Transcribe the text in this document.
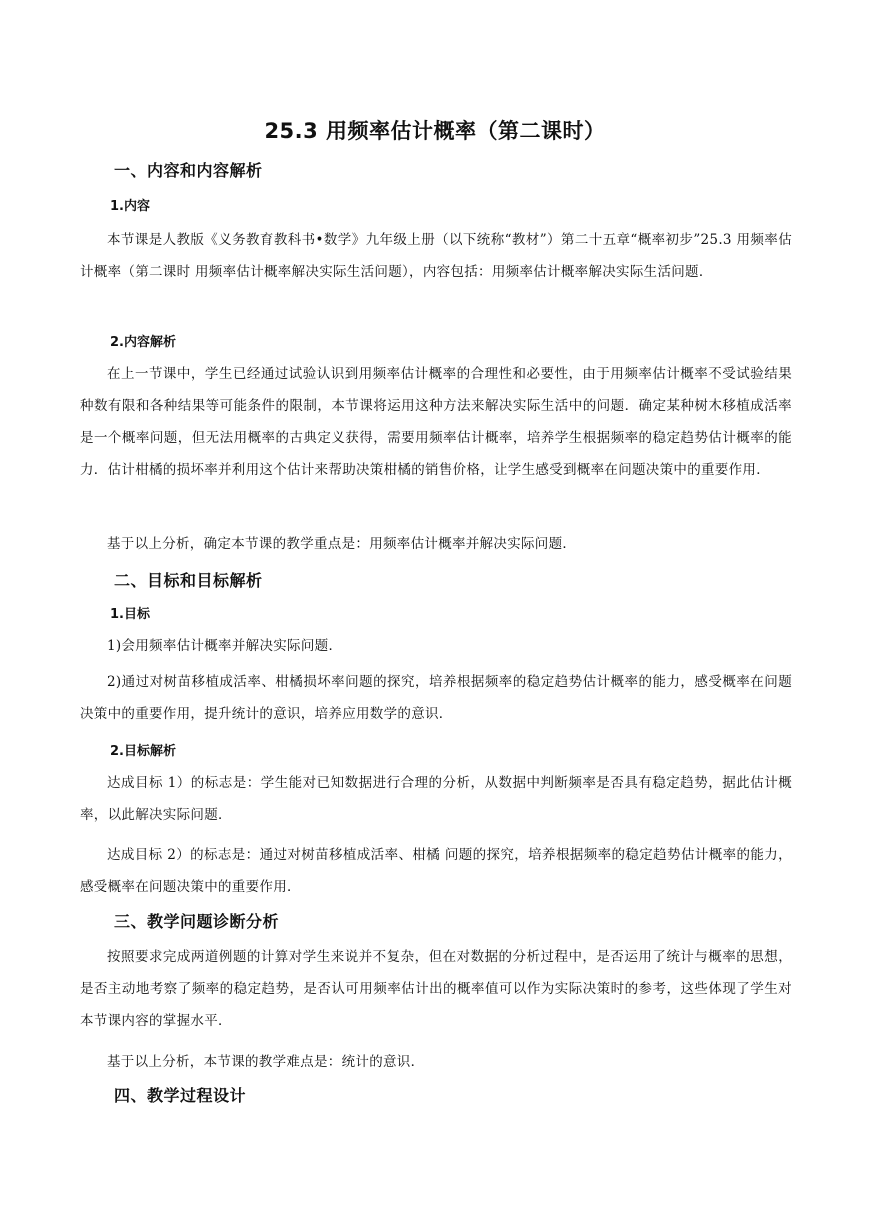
25.3 用频率估计概率（第二课时）
一、内容和内容解析
1.内容
本节课是人教版《义务教育教科书•数学》九年级上册（以下统称“教材”）第二十五章“概率初步”25.3 用频率估计概率（第二课时 用频率估计概率解决实际生活问题），内容包括：用频率估计概率解决实际生活问题．
2.内容解析
在上一节课中，学生已经通过试验认识到用频率估计概率的合理性和必要性，由于用频率估计概率不受试验结果种数有限和各种结果等可能条件的限制，本节课将运用这种方法来解决实际生活中的问题．确定某种树木移植成活率是一个概率问题，但无法用概率的古典定义获得，需要用频率估计概率，培养学生根据频率的稳定趋势估计概率的能力．估计柑橘的损坏率并利用这个估计来帮助决策柑橘的销售价格，让学生感受到概率在问题决策中的重要作用．
基于以上分析，确定本节课的教学重点是：用频率估计概率并解决实际问题．
二、目标和目标解析
1.目标
1)会用频率估计概率并解决实际问题．
2)通过对树苗移植成活率、柑橘损坏率问题的探究，培养根据频率的稳定趋势估计概率的能力，感受概率在问题决策中的重要作用，提升统计的意识，培养应用数学的意识．
2.目标解析
达成目标 1）的标志是：学生能对已知数据进行合理的分析，从数据中判断频率是否具有稳定趋势，据此估计概率，以此解决实际问题．
达成目标 2）的标志是：通过对树苗移植成活率、柑橘 问题的探究，培养根据频率的稳定趋势估计概率的能力，感受概率在问题决策中的重要作用．
三、教学问题诊断分析
按照要求完成两道例题的计算对学生来说并不复杂，但在对数据的分析过程中，是否运用了统计与概率的思想，是否主动地考察了频率的稳定趋势，是否认可用频率估计出的概率值可以作为实际决策时的参考，这些体现了学生对本节课内容的掌握水平．
基于以上分析，本节课的教学难点是：统计的意识．
四、教学过程设计
